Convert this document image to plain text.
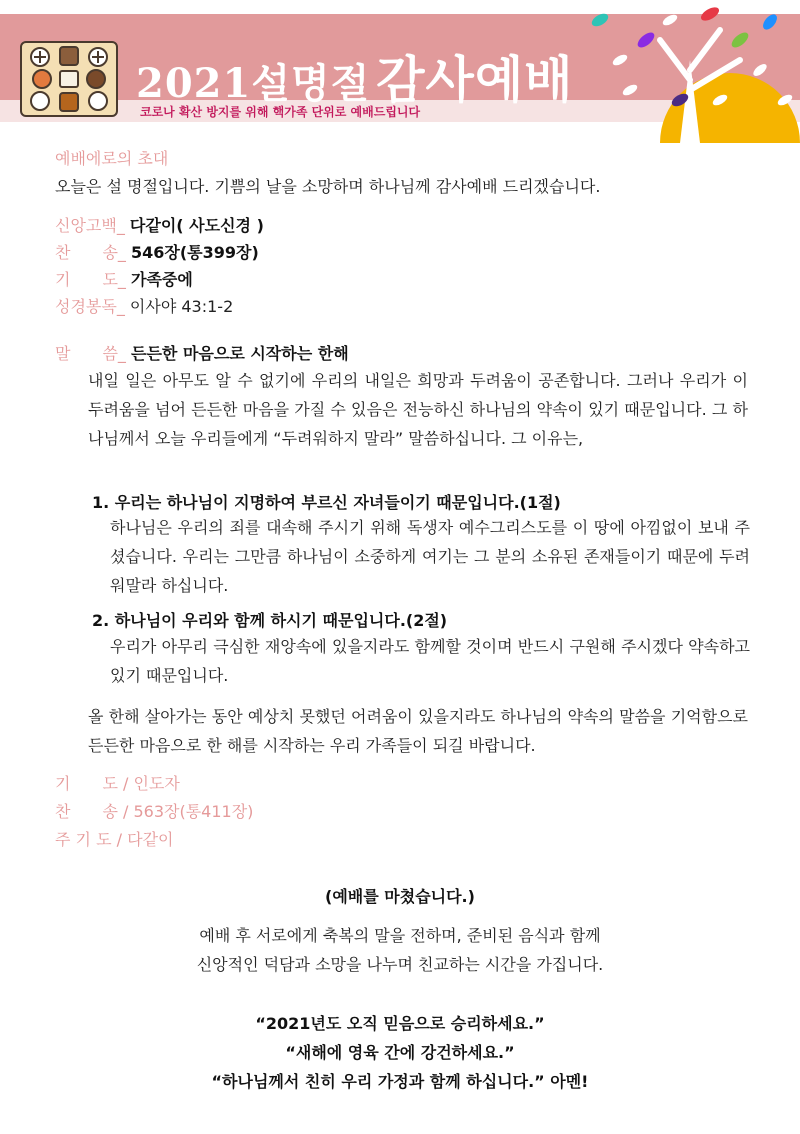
2021설명절 감사예배
코로나 확산 방지를 위해 핵가족 단위로 예배드립니다
예배에로의 초대
오늘은 설 명절입니다. 기쁨의 날을 소망하며 하나님께 감사예배 드리겠습니다.
신앙고백_ 다같이( 사도신경 )
찬　　송_ 546장(통399장)
기　　도_ 가족중에
성경봉독_ 이사야 43:1-2
말　　씀_ 든든한 마음으로 시작하는 한해
내일 일은 아무도 알 수 없기에 우리의 내일은 희망과 두려움이 공존합니다. 그러나 우리가 이 두려움을 넘어 든든한 마음을 가질 수 있음은 전능하신 하나님의 약속이 있기 때문입니다. 그 하나님께서 오늘 우리들에게 “두려워하지 말라” 말씀하십니다. 그 이유는,
1. 우리는 하나님이 지명하여 부르신 자녀들이기 때문입니다.(1절)
하나님은 우리의 죄를 대속해 주시기 위해 독생자 예수그리스도를 이 땅에 아낌없이 보내 주셨습니다. 우리는 그만큼 하나님이 소중하게 여기는 그 분의 소유된 존재들이기 때문에 두려워말라 하십니다.
2. 하나님이 우리와 함께 하시기 때문입니다.(2절)
우리가 아무리 극심한 재앙속에 있을지라도 함께할 것이며 반드시 구원해 주시겠다 약속하고 있기 때문입니다.
올 한해 살아가는 동안 예상치 못했던 어려움이 있을지라도 하나님의 약속의 말씀을 기억함으로 든든한 마음으로 한 해를 시작하는 우리 가족들이 되길 바랍니다.
기　　도 / 인도자
찬　　송 / 563장(통411장)
주 기 도 / 다같이
(예배를 마쳤습니다.)
예배 후 서로에게 축복의 말을 전하며, 준비된 음식과 함께
신앙적인 덕담과 소망을 나누며 친교하는 시간을 가집니다.
“2021년도 오직 믿음으로 승리하세요.”
“새해에 영육 간에 강건하세요.”
“하나님께서 친히 우리 가정과 함께 하십니다.” 아멘!
